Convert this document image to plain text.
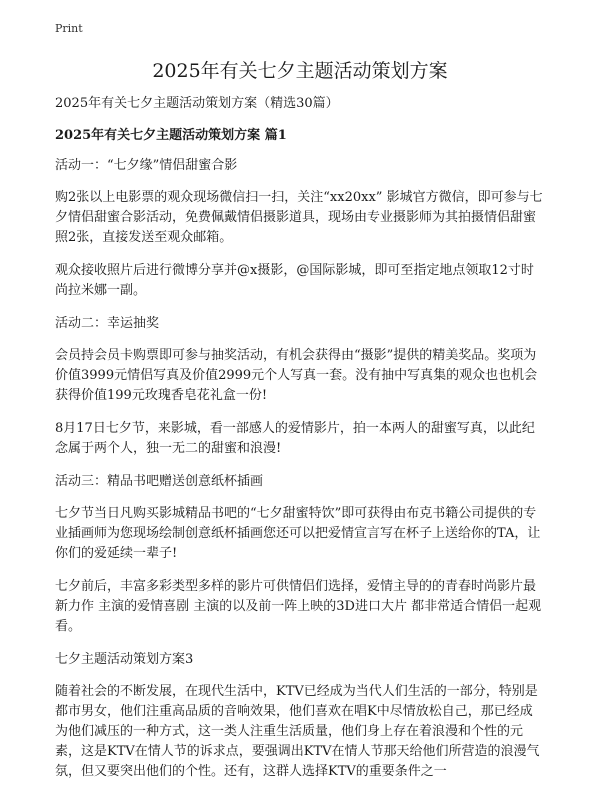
Print
2025年有关七夕主题活动策划方案

2025年有关七夕主题活动策划方案（精选30篇）

2025年有关七夕主题活动策划方案 篇1

活动一：“七夕缘”情侣甜蜜合影

购2张以上电影票的观众现场微信扫一扫，关注“xx20xx” 影城官方微信，即可参与七夕情侣甜蜜合影活动，免费佩戴情侣摄影道具，现场由专业摄影师为其拍摄情侣甜蜜照2张，直接发送至观众邮箱。

观众接收照片后进行微博分享并@x摄影，@国际影城，即可至指定地点领取12寸时尚拉米娜一副。

活动二：幸运抽奖

会员持会员卡购票即可参与抽奖活动，有机会获得由“摄影”提供的精美奖品。奖项为价值3999元情侣写真及价值2999元个人写真一套。没有抽中写真集的观众也也机会获得价值199元玫瑰香皂花礼盒一份!

8月17日七夕节，来影城，看一部感人的爱情影片，拍一本两人的甜蜜写真，以此纪念属于两个人，独一无二的甜蜜和浪漫!

活动三：精品书吧赠送创意纸杯插画

七夕节当日凡购买影城精品书吧的“七夕甜蜜特饮”即可获得由布克书籍公司提供的专业插画师为您现场绘制创意纸杯插画您还可以把爱情宣言写在杯子上送给你的TA，让你们的爱延续一辈子!

七夕前后，丰富多彩类型多样的影片可供情侣们选择，爱情主导的的青春时尚影片最新力作 主演的爱情喜剧 主演的以及前一阵上映的3D进口大片 都非常适合情侣一起观看。

七夕主题活动策划方案3

随着社会的不断发展，在现代生活中，KTV已经成为当代人们生活的一部分，特别是都市男女，他们注重高品质的音响效果，他们喜欢在唱K中尽情放松自己，那已经成为他们减压的一种方式，这一类人注重生活质量，他们身上存在着浪漫和个性的元素，这是KTV在情人节的诉求点，要强调出KTV在情人节那天给他们所营造的浪漫气氛，但又要突出他们的个性。还有，这群人选择KTV的重要条件之一
